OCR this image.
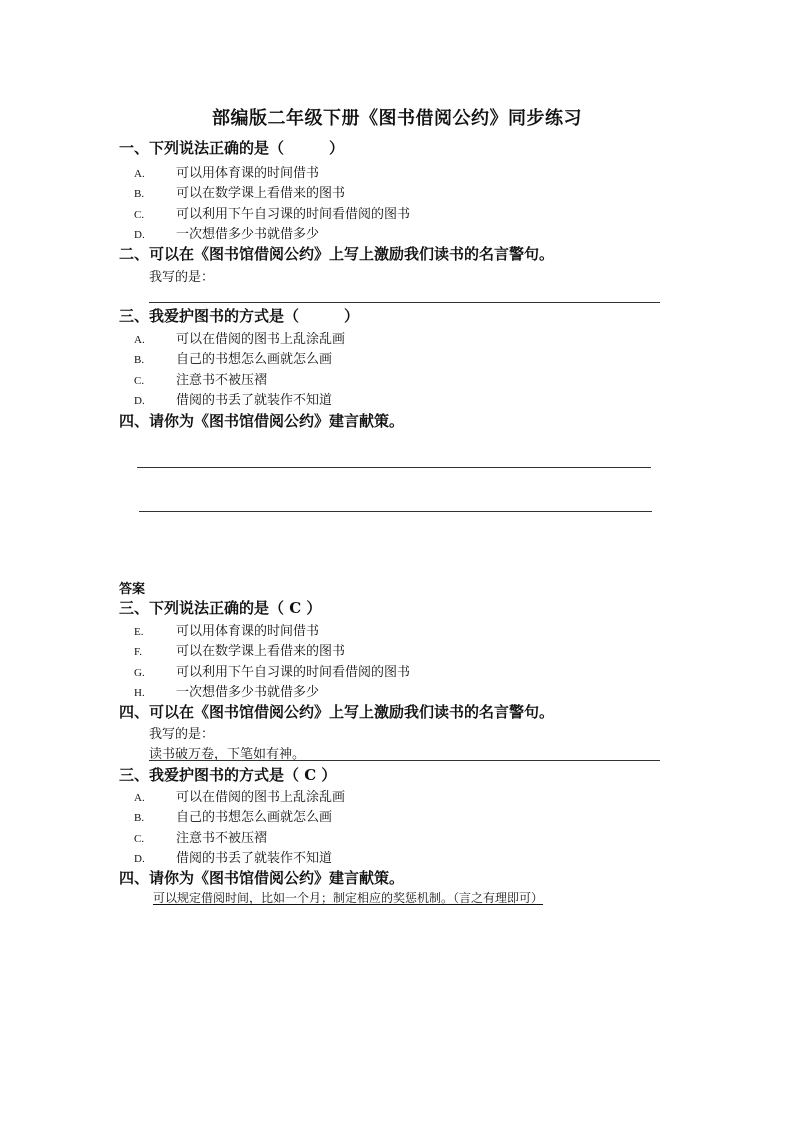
部编版二年级下册《图书借阅公约》同步练习
一、下列说法正确的是（　　　）
A. 可以用体育课的时间借书
B. 可以在数学课上看借来的图书
C. 可以利用下午自习课的时间看借阅的图书
D. 一次想借多少书就借多少
二、可以在《图书馆借阅公约》上写上激励我们读书的名言警句。
我写的是：
三、我爱护图书的方式是（　　　）
A. 可以在借阅的图书上乱涂乱画
B. 自己的书想怎么画就怎么画
C. 注意书不被压褶
D. 借阅的书丢了就装作不知道
四、请你为《图书馆借阅公约》建言献策。
答案
三、下列说法正确的是（ C ）
E.	可以用体育课的时间借书
F.	可以在数学课上看借来的图书
G. 可以利用下午自习课的时间看借阅的图书
H. 一次想借多少书就借多少
四、可以在《图书馆借阅公约》上写上激励我们读书的名言警句。
我写的是：
读书破万卷，下笔如有神。
三、我爱护图书的方式是（ C ）
A. 可以在借阅的图书上乱涂乱画
B. 自己的书想怎么画就怎么画
C. 注意书不被压褶
D. 借阅的书丢了就装作不知道
四、请你为《图书馆借阅公约》建言献策。
可以规定借阅时间，比如一个月；制定相应的奖惩机制。（言之有理即可）
